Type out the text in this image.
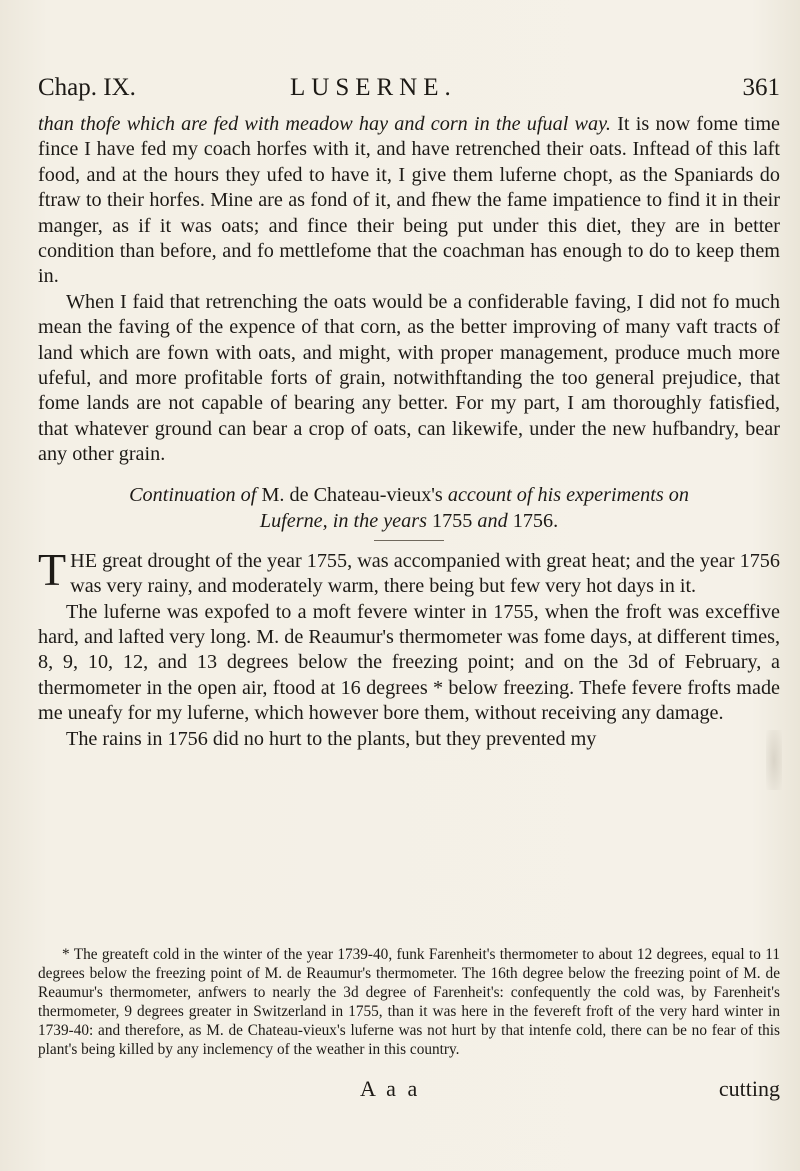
Chap. IX.	LUSERNE.	361

than thofe which are fed with meadow hay and corn in the ufual way. It is now fome time fince I have fed my coach horfes with it, and have retrenched their oats. Inftead of this laft food, and at the hours they ufed to have it, I give them luferne chopt, as the Spaniards do ftraw to their horfes. Mine are as fond of it, and fhew the fame impatience to find it in their manger, as if it was oats; and fince their being put under this diet, they are in better condition than before, and fo mettlefome that the coachman has enough to do to keep them in.

When I faid that retrenching the oats would be a confiderable faving, I did not fo much mean the faving of the expence of that corn, as the better improving of many vaft tracts of land which are fown with oats, and might, with proper management, produce much more ufeful, and more profitable forts of grain, notwithftanding the too general prejudice, that fome lands are not capable of bearing any better. For my part, I am thoroughly fatisfied, that whatever ground can bear a crop of oats, can likewife, under the new hufbandry, bear any other grain.

Continuation of M. de Chateau-vieux's account of his experiments on
Luferne, in the years 1755 and 1756.

THE great drought of the year 1755, was accompanied with great heat; and the year 1756 was very rainy, and moderately warm, there being but few very hot days in it.

The luferne was expofed to a moft fevere winter in 1755, when the froft was exceffive hard, and lafted very long. M. de Reaumur's thermometer was fome days, at different times, 8, 9, 10, 12, and 13 degrees below the freezing point; and on the 3d of February, a thermometer in the open air, ftood at 16 degrees * below freezing. Thefe fevere frofts made me uneafy for my luferne, which however bore them, without receiving any damage.

The rains in 1756 did no hurt to the plants, but they prevented my

* The greateft cold in the winter of the year 1739-40, funk Farenheit's thermometer to about 12 degrees, equal to 11 degrees below the freezing point of M. de Reaumur's thermometer. The 16th degree below the freezing point of M. de Reaumur's thermometer, anfwers to nearly the 3d degree of Farenheit's: confequently the cold was, by Farenheit's thermometer, 9 degrees greater in Switzerland in 1755, than it was here in the fevereft froft of the very hard winter in 1739-40: and therefore, as M. de Chateau-vieux's luferne was not hurt by that intenfe cold, there can be no fear of this plant's being killed by any inclemency of the weather in this country.
A a a	cutting
